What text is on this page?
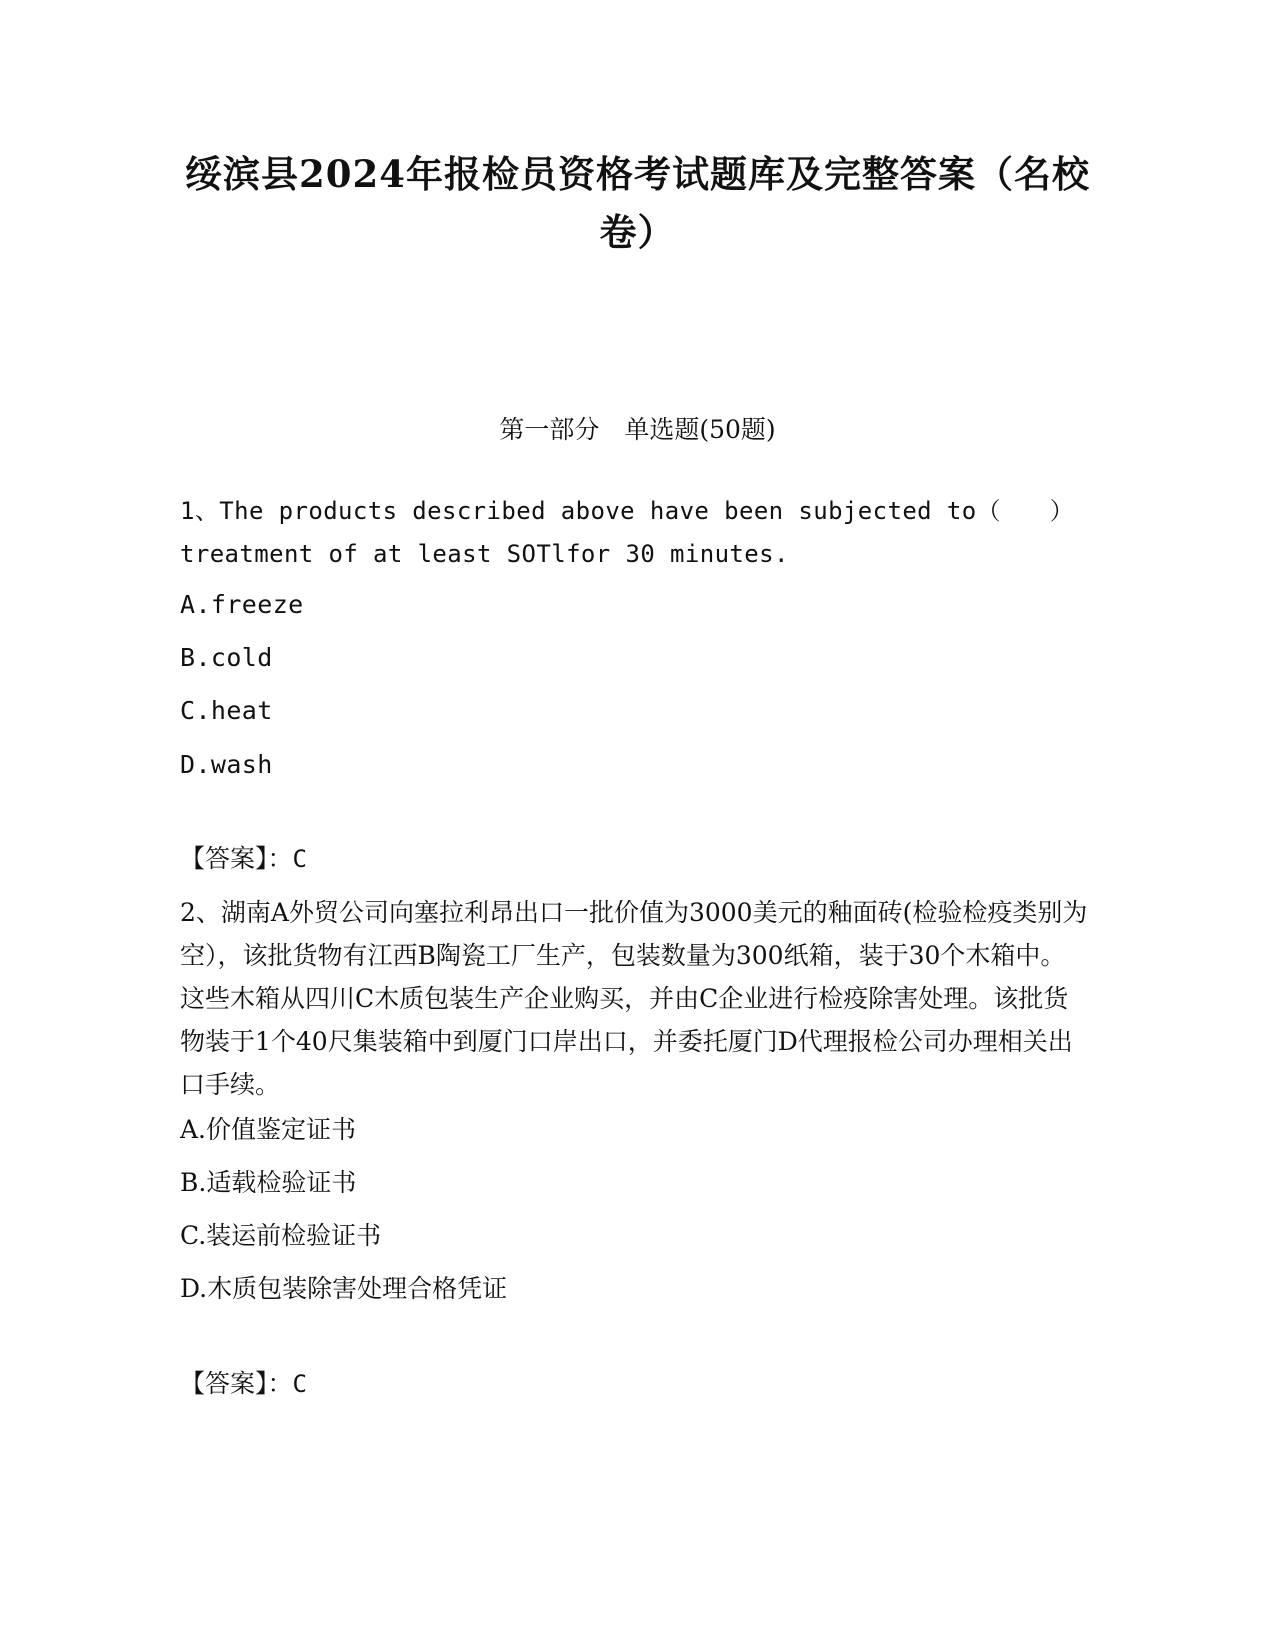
绥滨县2024年报检员资格考试题库及完整答案（名校卷）
第一部分　单选题(50题)
1、The products described above have been subjected to（　　）treatment of at least SOTlfor 30 minutes.
A.freeze
B.cold
C.heat
D.wash
【答案】：C
2、湖南A外贸公司向塞拉利昂出口一批价值为3000美元的釉面砖(检验检疫类别为空），该批货物有江西B陶瓷工厂生产，包装数量为300纸箱，装于30个木箱中。这些木箱从四川C木质包装生产企业购买，并由C企业进行检疫除害处理。该批货物装于1个40尺集装箱中到厦门口岸出口，并委托厦门D代理报检公司办理相关出口手续。
A.价值鉴定证书
B.适载检验证书
C.装运前检验证书
D.木质包装除害处理合格凭证
【答案】：C
